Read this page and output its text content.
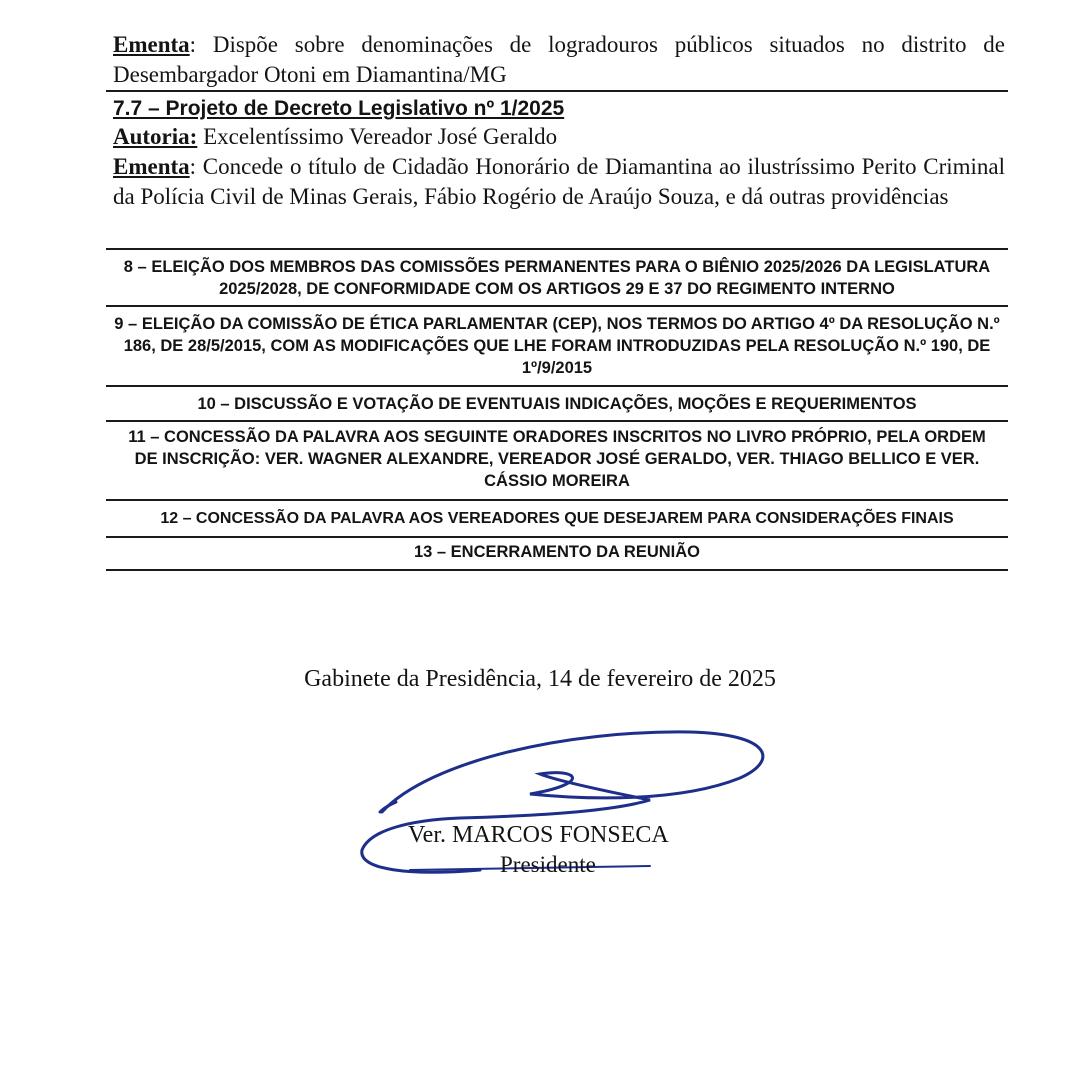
Ementa: Dispõe sobre denominações de logradouros públicos situados no distrito de Desembargador Otoni em Diamantina/MG

7.7 – Projeto de Decreto Legislativo nº 1/2025

Autoria: Excelentíssimo Vereador José Geraldo

Ementa: Concede o título de Cidadão Honorário de Diamantina ao ilustríssimo Perito Criminal da Polícia Civil de Minas Gerais, Fábio Rogério de Araújo Souza, e dá outras providências

8 – ELEIÇÃO DOS MEMBROS DAS COMISSÕES PERMANENTES PARA O BIÊNIO 2025/2026 DA LEGISLATURA 2025/2028, DE CONFORMIDADE COM OS ARTIGOS 29 E 37 DO REGIMENTO INTERNO

9 – ELEIÇÃO DA COMISSÃO DE ÉTICA PARLAMENTAR (CEP), NOS TERMOS DO ARTIGO 4º DA RESOLUÇÃO N.º 186, DE 28/5/2015, COM AS MODIFICAÇÕES QUE LHE FORAM INTRODUZIDAS PELA RESOLUÇÃO N.º 190, DE 1º/9/2015

10 – DISCUSSÃO E VOTAÇÃO DE EVENTUAIS INDICAÇÕES, MOÇÕES E REQUERIMENTOS

11 – CONCESSÃO DA PALAVRA AOS SEGUINTE ORADORES INSCRITOS NO LIVRO PRÓPRIO, PELA ORDEM DE INSCRIÇÃO: VER. WAGNER ALEXANDRE, VEREADOR JOSÉ GERALDO, VER. THIAGO BELLICO E VER. CÁSSIO MOREIRA

12 – CONCESSÃO DA PALAVRA AOS VEREADORES QUE DESEJAREM PARA CONSIDERAÇÕES FINAIS

13 – ENCERRAMENTO DA REUNIÃO

Gabinete da Presidência, 14 de fevereiro de 2025
Ver. MARCOS FONSECA
Presidente
